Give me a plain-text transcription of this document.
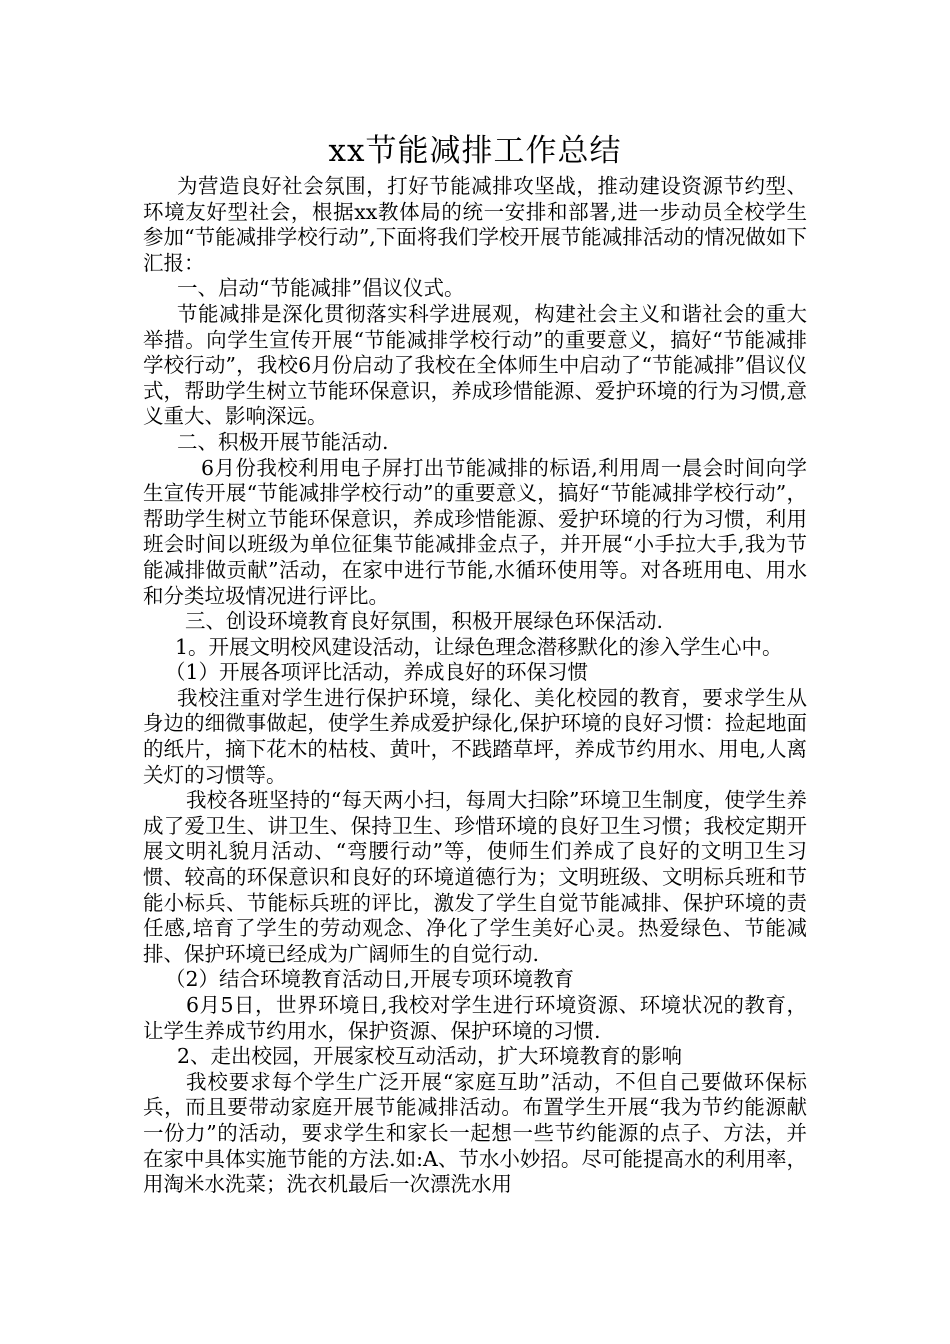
xx节能减排工作总结

为营造良好社会氛围，打好节能减排攻坚战，推动建设资源节约型、环境友好型社会，根据xx教体局的统一安排和部署,进一步动员全校学生参加“节能减排学校行动”,下面将我们学校开展节能减排活动的情况做如下汇报：

一、启动“节能减排”倡议仪式。

节能减排是深化贯彻落实科学进展观，构建社会主义和谐社会的重大举措。向学生宣传开展“节能减排学校行动”的重要意义，搞好“节能减排学校行动”，我校6月份启动了我校在全体师生中启动了“节能减排”倡议仪式，帮助学生树立节能环保意识，养成珍惜能源、爱护环境的行为习惯,意义重大、影响深远。

二、积极开展节能活动.

6月份我校利用电子屏打出节能减排的标语,利用周一晨会时间向学生宣传开展“节能减排学校行动”的重要意义，搞好“节能减排学校行动”，帮助学生树立节能环保意识，养成珍惜能源、爱护环境的行为习惯，利用班会时间以班级为单位征集节能减排金点子，并开展“小手拉大手,我为节能减排做贡献”活动，在家中进行节能,水循环使用等。对各班用电、用水和分类垃圾情况进行评比。

三、创设环境教育良好氛围，积极开展绿色环保活动.

1。开展文明校风建设活动，让绿色理念潜移默化的渗入学生心中。

（1）开展各项评比活动，养成良好的环保习惯

我校注重对学生进行保护环境，绿化、美化校园的教育，要求学生从身边的细微事做起，使学生养成爱护绿化,保护环境的良好习惯：捡起地面的纸片，摘下花木的枯枝、黄叶，不践踏草坪，养成节约用水、用电,人离关灯的习惯等。

我校各班坚持的“每天两小扫，每周大扫除”环境卫生制度，使学生养成了爱卫生、讲卫生、保持卫生、珍惜环境的良好卫生习惯；我校定期开展文明礼貌月活动、“弯腰行动”等，使师生们养成了良好的文明卫生习惯、较高的环保意识和良好的环境道德行为；文明班级、文明标兵班和节能小标兵、节能标兵班的评比，激发了学生自觉节能减排、保护环境的责任感,培育了学生的劳动观念、净化了学生美好心灵。热爱绿色、节能减排、保护环境已经成为广阔师生的自觉行动.

（2）结合环境教育活动日,开展专项环境教育

6月5日，世界环境日,我校对学生进行环境资源、环境状况的教育，让学生养成节约用水，保护资源、保护环境的习惯.

2、走出校园，开展家校互动活动，扩大环境教育的影响

我校要求每个学生广泛开展“家庭互助”活动，不但自己要做环保标兵，而且要带动家庭开展节能减排活动。布置学生开展“我为节约能源献一份力”的活动，要求学生和家长一起想一些节约能源的点子、方法，并在家中具体实施节能的方法.如:A、节水小妙招。尽可能提高水的利用率，用淘米水洗菜；洗衣机最后一次漂洗水用
